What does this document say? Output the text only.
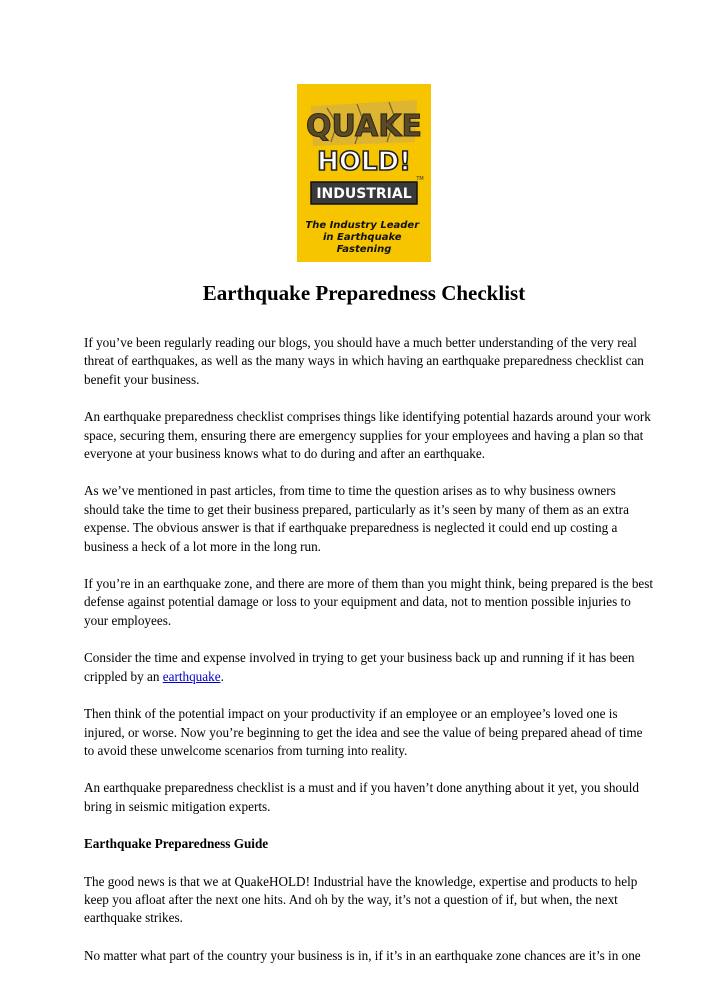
QUAKE
HOLD!
INDUSTRIAL
TM
The Industry Leader in Earthquake Fastening
Earthquake Preparedness Checklist

If you’ve been regularly reading our blogs, you should have a much better understanding of the very real threat of earthquakes, as well as the many ways in which having an earthquake preparedness checklist can benefit your business.

An earthquake preparedness checklist comprises things like identifying potential hazards around your work space, securing them, ensuring there are emergency supplies for your employees and having a plan so that everyone at your business knows what to do during and after an earthquake.

As we’ve mentioned in past articles, from time to time the question arises as to why business owners should take the time to get their business prepared, particularly as it’s seen by many of them as an extra expense. The obvious answer is that if earthquake preparedness is neglected it could end up costing a business a heck of a lot more in the long run.

If you’re in an earthquake zone, and there are more of them than you might think, being prepared is the best defense against potential damage or loss to your equipment and data, not to mention possible injuries to your employees.

Consider the time and expense involved in trying to get your business back up and running if it has been crippled by an earthquake.

Then think of the potential impact on your productivity if an employee or an employee’s loved one is injured, or worse. Now you’re beginning to get the idea and see the value of being prepared ahead of time to avoid these unwelcome scenarios from turning into reality.

An earthquake preparedness checklist is a must and if you haven’t done anything about it yet, you should bring in seismic mitigation experts.

Earthquake Preparedness Guide

The good news is that we at QuakeHOLD! Industrial have the knowledge, expertise and products to help keep you afloat after the next one hits. And oh by the way, it’s not a question of if, but when, the next earthquake strikes.

No matter what part of the country your business is in, if it’s in an earthquake zone chances are it’s in one
